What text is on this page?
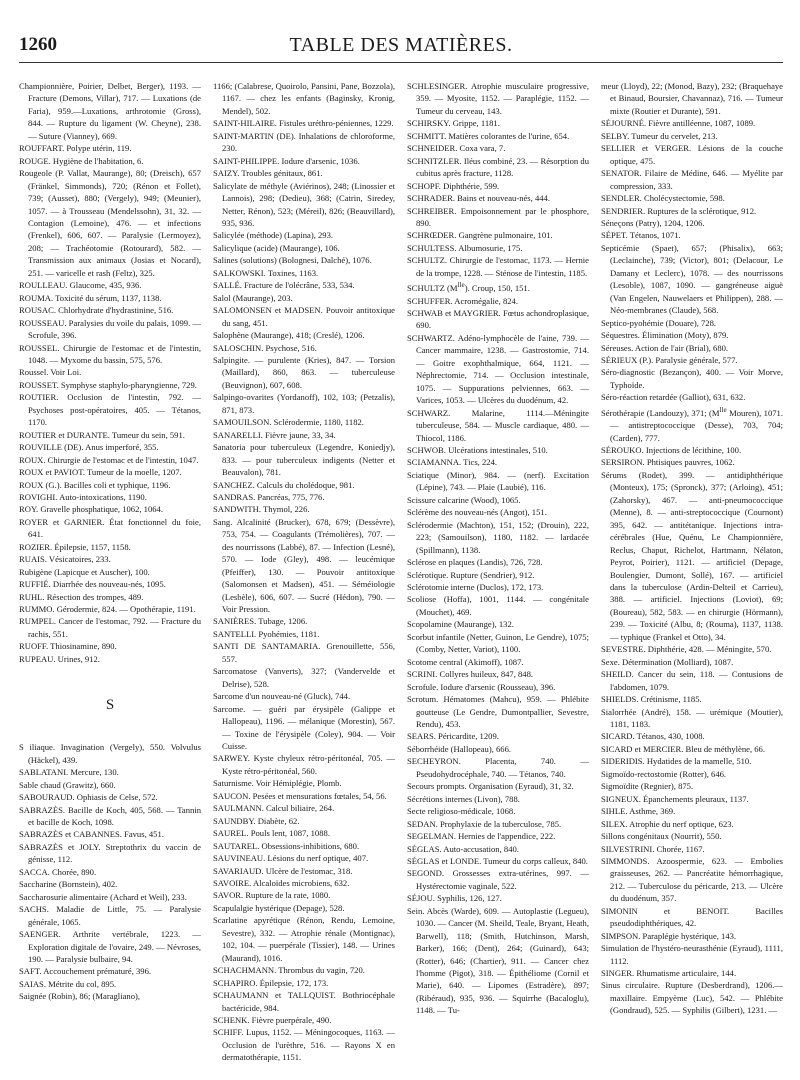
1260	TABLE DES MATIÈRES.

Championnière, Poirier, Delbet, Berger), 1193. — Fracture (Demons, Villar), 717. — Luxations (de Faria), 959.—Luxations, arthrotomie (Gross), 844. — Rupture du ligament (W. Cheyne), 238. — Suture (Vianney), 669.

ROUFFART. Polype utérin, 119.

ROUGE. Hygiène de l'habitation, 6.

Rougeole (P. Vallat, Maurange), 80; (Dreisch), 657 (Fränkel, Simmonds), 720; (Rénon et Follet), 739; (Ausset), 880; (Vergely), 949; (Meunier), 1057. — à Trousseau (Mendelssohn), 31, 32. — Contagion (Lemoine), 476. — et infections (Frenkel), 606, 607. — Paralysie (Lermoyez), 208; — Trachéotomie (Rotourard), 582. — Transmission aux animaux (Josias et Nocard), 251. — varicelle et rash (Feltz), 325.

ROULLEAU. Glaucome, 435, 936.

ROUMA. Toxicité du sérum, 1137, 1138.

ROUSAC. Chlorhydrate d'hydrastinine, 516.

ROUSSEAU. Paralysies du voile du palais, 1099. — Scrofule, 396.

ROUSSEL. Chirurgie de l'estomac et de l'intestin, 1048. — Myxome du bassin, 575, 576.

Roussel. Voir Loi.

ROUSSET. Symphyse staphylo-pharyngienne, 729.

ROUTIER. Occlusion de l'intestin, 792. — Psychoses post-opératoires, 405. — Tétanos, 1170.

ROUTIER et DURANTE. Tumeur du sein, 591.

ROUVILLE (DE). Anus imperforé, 355.

ROUX. Chirurgie de l'estomac et de l'intestin, 1047.

ROUX et PAVIOT. Tumeur de la moelle, 1207.

ROUX (G.). Bacilles coli et typhique, 1196.

ROVIGHI. Auto-intoxications, 1190.

ROY. Gravelle phosphatique, 1062, 1064.

ROYER et GARNIER. État fonctionnel du foie, 641.

ROZIER. Épilepsie, 1157, 1158.

RUAIS. Vésicatoires, 233.

Rubigène (Lapicque et Auscher), 100.

RUFFIÉ. Diarrhée des nouveau-nés, 1095.

RUHL. Résection des trompes, 489.

RUMMO. Gérodermie, 824. — Opothérapie, 1191.

RUMPEL. Cancer de l'estomac, 792. — Fracture du rachis, 551.

RUOFF. Thiosinamine, 890.

RUPEAU. Urines, 912.

S

S iliaque. Invagination (Vergely), 550. Volvulus (Häckel), 439.

SABLATANI. Mercure, 130.

Sable chaud (Grawitz), 660.

SABOURAUD. Ophiasis de Celse, 572.

SABRAZÈS. Bacille de Koch, 405, 568. — Tannin et bacille de Koch, 1098.

SABRAZÈS et CABANNES. Favus, 451.

SABRAZÈS et JOLY. Streptothrix du vaccin de génisse, 112.

SACCA. Chorée, 890.

Saccharine (Bornstein), 402.

Saccharosurie alimentaire (Achard et Weil), 233.

SACHS. Maladie de Little, 75. — Paralysie générale, 1065.

SAENGER. Arthrite vertébrale, 1223. — Exploration digitale de l'ovaire, 249. — Névroses, 190. — Paralysie bulbaire, 94.

SAFT. Accouchement prématuré, 396.

SAIAS. Métrite du col, 895.

Saignée (Robin), 86; (Maragliano),

1166; (Calabrese, Quoirolo, Pansini, Pane, Bozzola), 1167. — chez les enfants (Baginsky, Kronig, Mendel), 502.

SAINT-HILAIRE. Fistules uréthro-péniennes, 1229.

SAINT-MARTIN (DE). Inhalations de chloroforme, 230.

SAINT-PHILIPPE. Iodure d'arsenic, 1036.

SAIZY. Troubles génitaux, 861.

Salicylate de méthyle (Aviérinos), 248; (Linossier et Lannois), 298; (Dedieu), 368; (Catrin, Siredey, Netter, Rénon), 523; (Méreil), 826; (Beauvillard), 935, 936.

Salicylée (méthode) (Lapina), 293.

Salicylique (acide) (Maurange), 106.

Salines (solutions) (Bolognesi, Dalché), 1076.

SALKOWSKI. Toxines, 1163.

SALLÉ. Fracture de l'olécrâne, 533, 534.

Salol (Maurange), 203.

SALOMONSEN et MADSEN. Pouvoir antitoxique du sang, 451.

Salophène (Maurange), 418; (Creslé), 1206.

SALOSCHIN. Psychose, 516.

Salpingite. — purulente (Kries), 847. — Torsion (Maillard), 860, 863. — tuberculeuse (Beuvignon), 607, 608.

Salpingo-ovarites (Yordanoff), 102, 103; (Petzalis), 871, 873.

SAMOUILSON. Sclérodermie, 1180, 1182.

SANARELLI. Fièvre jaune, 33, 34.

Sanatoria pour tuberculeux (Legendre, Koniedjy), 833. — pour tuberculeux indigents (Netter et Beauvalon), 781.

SANCHEZ. Calculs du cholédoque, 981.

SANDRAS. Pancréas, 775, 776.

SANDWITH. Thymol, 226.

Sang. Alcalinité (Brucker), 678, 679; (Dessèvre), 753, 754. — Coagulants (Trémolières), 707. — des nourrissons (Labbé), 87. — Infection (Lesné), 570. — Iode (Gley), 498. — leucémique (Pfeiffer), 130. — Pouvoir antitoxique (Salomonsen et Madsen), 451. — Séméiologie (Lesbèle), 606, 607. — Sucré (Hédon), 790. — Voir Pression.

SANIÈRES. Tubage, 1206.

SANTELLI. Pyohémies, 1181.

SANTI DE SANTAMARIA. Grenouillette, 556, 557.

Sarcomatose (Vanverts), 327; (Vandervelde et Delrise), 528.

Sarcome d'un nouveau-né (Gluck), 744.

Sarcome. — guéri par érysipèle (Galippe et Hallopeau), 1196. — mélanique (Morestin), 567. — Toxine de l'érysipèle (Coley), 904. — Voir Cuisse.

SARWEY. Kyste chyleux rétro-péritonéal, 705. — Kyste rétro-péritonéal, 560.

Saturnisme. Voir Hémiplégie, Plomb.

SAUCON. Pesées et mensurations fœtales, 54, 56.

SAULMANN. Calcul biliaire, 264.

SAUNDBY. Diabète, 62.

SAUREL. Pouls lent, 1087, 1088.

SAUTAREL. Obsessions-inhibitions, 680.

SAUVINEAU. Lésions du nerf optique, 407.

SAVARIAUD. Ulcère de l'estomac, 318.

SAVOIRE. Alcaloïdes microbiens, 632.

SAVOR. Rupture de la rate, 1080.

Scapulalgie hystérique (Depage), 528.

Scarlatine apyrétique (Rénon, Rendu, Lemoine, Sevestre), 332. — Atrophie rénale (Montignac), 102, 104. — puerpérale (Tissier), 148. — Urines (Maurand), 1016.

SCHACHMANN. Thrombus du vagin, 720.

SCHAPIRO. Épilepsie, 172, 173.

SCHAUMANN et TALLQUIST. Bothriocéphale bactéricide, 984.

SCHENK. Fièvre puerpérale, 490.

SCHIFF. Lupus, 1152. — Méningocoques, 1163. — Occlusion de l'urèthre, 516. — Rayons X en dermatothérapie, 1151.

SCHLESINGER. Atrophie musculaire progressive, 359. — Myosite, 1152. — Paraplégie, 1152. — Tumeur du cerveau, 143.

SCHIRSKY. Grippe, 1181.

SCHMITT. Matières colorantes de l'urine, 654.

SCHNEIDER. Coxa vara, 7.

SCHNITZLER. Iléus combiné, 23. — Résorption du cubitus après fracture, 1128.

SCHOPF. Diphthérie, 599.

SCHRADER. Bains et nouveau-nés, 444.

SCHREIBER. Empoisonnement par le phosphore, 890.

SCHRŒDER. Gangrène pulmonaire, 101.

SCHULTESS. Albumosurie, 175.

SCHULTZ. Chirurgie de l'estomac, 1173. — Hernie de la trompe, 1228. — Sténose de l'intestin, 1185.

SCHULTZ $(M^{lle})$. Croup, 150, 151.

SCHUFFER. Acromégalie, 824.

SCHWAB et MAYGRIER. Fœtus achondroplasique, 690.

SCHWARTZ. Adéno-lymphocèle de l'aine, 739. — Cancer mammaire, 1238. — Gastrostomie, 714. — Goitre exophthalmique, 664, 1121. — Néphrectomie, 714. — Occlusion intestinale, 1075. — Suppurations pelviennes, 663. — Varices, 1053. — Ulcères du duodénum, 42.

SCHWARZ. Malarine, 1114.—Méningite tuberculeuse, 584. — Muscle cardiaque, 480. — Thiocol, 1186.

SCHWOB. Ulcérations intestinales, 510.

SCIAMANNA. Tics, 224.

Sciatique (Minor), 984. — (nerf). Excitation (Lépine), 743. — Plaie (Laubié), 116.

Scissure calcarine (Wood), 1065.

Sclérème des nouveau-nés (Angot), 151.

Sclérodermie (Machton), 151, 152; (Drouin), 222, 223; (Samouilson), 1180, 1182. — lardacée (Spillmann), 1138.

Sclérose en plaques (Landis), 726, 728.

Sclérotique. Rupture (Sendrier), 912.

Sclérotomie interne (Duclos), 172, 173.

Scoliose (Hoffa), 1001, 1144. — congénitale (Mouchet), 469.

Scopolamine (Maurange), 132.

Scorbut infantile (Netter, Guinon, Le Gendre), 1075; (Comby, Netter, Variot), 1100.

Scotome central (Akimoff), 1087.

SCRINI. Collyres huileux, 847, 848.

Scrofule. Iodure d'arsenic (Rousseau), 396.

Scrotum. Hématomes (Mahcu), 959. — Phlébite goutteuse (Le Gendre, Dumontpallier, Sevestre, Rendu), 453.

SEARS. Péricardite, 1209.

Séborrhéide (Hallopeau), 666.

SECHEYRON. Placenta, 740. — Pseudohydrocéphale, 740. — Tétanos, 740.

Secours prompts. Organisation (Eyraud), 31, 32.

Sécrétions internes (Livon), 788.

Secte religioso-médicale, 1068.

SEDAN. Prophylaxie de la tuberculose, 785.

SEGELMAN. Hernies de l'appendice, 222.

SÉGLAS. Auto-accusation, 840.

SÉGLAS et LONDE. Tumeur du corps calleux, 840.

SEGOND. Grossesses extra-utérines, 997. — Hystérectomie vaginale, 522.

SÉJOU. Syphilis, 126, 127.

Sein. Abcès (Warde), 609. — Autoplastie (Legueu), 1030. — Cancer (M. Sheild, Teale, Bryant, Heath, Barwell), 118; (Smith, Hutchinson, Marsh, Barker), 166; (Dent), 264; (Guinard), 643; (Rotter), 646; (Chartier), 911. — Cancer chez l'homme (Pigot), 318. — Épithéliome (Cornil et Marie), 640. — Lipomes (Estradère), 897; (Ribéraud), 935, 936. — Squirrhe (Bacaloglu), 1148. — Tu-

meur (Lloyd), 22; (Monod, Bazy), 232; (Braquehaye et Binaud, Boursier, Chavannaz), 716. — Tumeur mixte (Routier et Durante), 591.

SÉJOURNÉ. Fièvre antilléenne, 1087, 1089.

SELBY. Tumeur du cervelet, 213.

SELLIER et VERGER. Lésions de la couche optique, 475.

SENATOR. Filaire de Médine, 646. — Myélite par compression, 333.

SENDLER. Cholécystectomie, 598.

SENDRIER. Ruptures de la sclérotique, 912.

Séneçons (Patry), 1204, 1206.

SÉPET. Tétanos, 1071.

Septicémie (Spaet), 657; (Phisalix), 663; (Leclainche), 739; (Victor), 801; (Delacour, Le Damany et Leclerc), 1078. — des nourrissons (Lesoble), 1087, 1090. — gangréneuse aiguë (Van Engelen, Nauwelaers et Philippen), 288. — Néo-membranes (Claude), 568.

Septico-pyohémie (Douare), 728.

Séquestres. Élimination (Moty), 879.

Séreuses. Action de l'air (Brial), 680.

SÉRIEUX (P.). Paralysie générale, 577.

Séro-diagnostic (Bezançon), 400. — Voir Morve, Typhoïde.

Séro-réaction retardée (Galliot), 631, 632.

Sérothérapie (Landouzy), 371; ($M^{lle}$ Mouren), 1071. — antistreptococcique (Desse), 703, 704; (Carden), 777.

SÉROUKO. Injections de lécithine, 100.

SERSIRON. Phtisiques pauvres, 1062.

Sérums (Rodet), 399. — antidiphthérique (Monteux), 175; (Spronck), 377; (Arloing), 451; (Zahorsky), 467. — anti-pneumococcique (Menne), 8. — anti-streptococcique (Cournont) 395, 642. — antitétanique. Injections intra-cérébrales (Hue, Quénu, Le Championnière, Reclus, Chaput, Richelot, Hartmann, Nélaton, Peyrot, Poirier), 1121. — artificiel (Depage, Boulengier, Dumont, Sollé), 167. — artificiel dans la tuberculose (Ardin-Delteil et Carrieu), 388. — artificiel. Injections (Loviot), 69; (Boureau), 582, 583. — en chirurgie (Hörmann), 239. — Toxicité (Albu, 8; (Rouma), 1137, 1138. — typhique (Frankel et Otto), 34.

SEVESTRE. Diphthérie, 428. — Méningite, 570.

Sexe. Détermination (Molliard), 1087.

SHEILD. Cancer du sein, 118. — Contusions de l'abdomen, 1079.

SHIELDS. Crétinisme, 1185.

Sialorrhée (André), 158. — urémique (Moutier), 1181, 1183.

SICARD. Tétanos, 430, 1008.

SICARD et MERCIER. Bleu de méthylène, 66.

SIDERIDIS. Hydatides de la mamelle, 510.

Sigmoïdo-rectostomie (Rotter), 646.

Sigmoïdite (Regnier), 875.

SIGNEUX. Épanchements pleuraux, 1137.

SIHLE. Asthme, 369.

SILEX. Atrophie du nerf optique, 623.

Sillons congénitaux (Nourrit), 550.

SILVESTRINI. Chorée, 1167.

SIMMONDS. Azoospermie, 623. — Embolies graisseuses, 262. — Pancréatite hémorrhagique, 212. — Tuberculose du péricarde, 213. — Ulcère du duodénum, 357.

SIMONIN et BENOIT. Bacilles pseudodiphthériques, 42.

SIMPSON. Paraplégie hystérique, 143.

Simulation de l'hystéro-neurasthénie (Eyraud), 1111, 1112.

SINGER. Rhumatisme articulaire, 144.

Sinus circulaire. Rupture (Desberdrand), 1206.—maxillaire. Empyème (Luc), 542. — Phlébite (Gondraud), 525. — Syphilis (Gilbert), 1231. —
